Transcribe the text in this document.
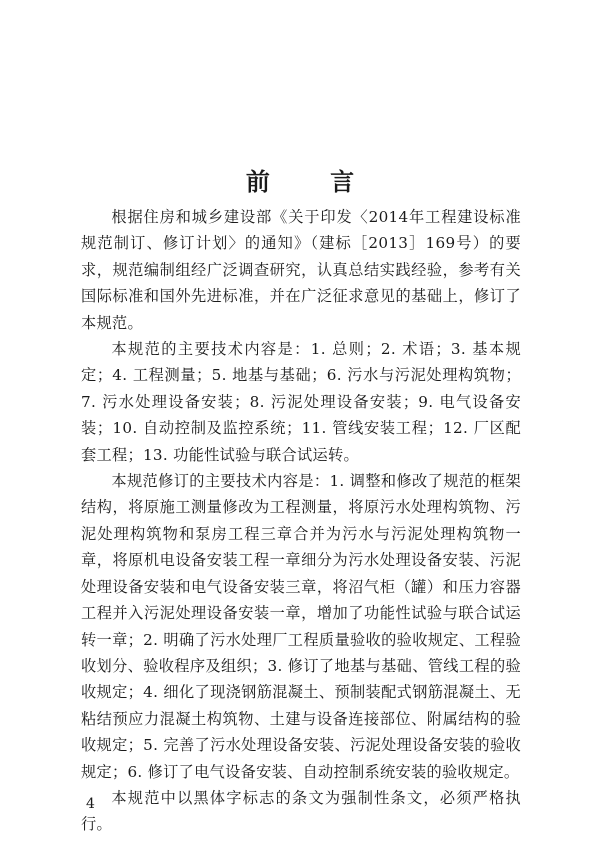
前 言

根据住房和城乡建设部《关于印发〈2014年工程建设标准规范制订、修订计划〉的通知》（建标［2013］169号）的要求，规范编制组经广泛调查研究，认真总结实践经验，参考有关国际标准和国外先进标准，并在广泛征求意见的基础上，修订了本规范。

本规范的主要技术内容是：1. 总则；2. 术语；3. 基本规定；4. 工程测量；5. 地基与基础；6. 污水与污泥处理构筑物；7. 污水处理设备安装；8. 污泥处理设备安装；9. 电气设备安装；10. 自动控制及监控系统；11. 管线安装工程；12. 厂区配套工程；13. 功能性试验与联合试运转。

本规范修订的主要技术内容是：1. 调整和修改了规范的框架结构，将原施工测量修改为工程测量，将原污水处理构筑物、污泥处理构筑物和泵房工程三章合并为污水与污泥处理构筑物一章，将原机电设备安装工程一章细分为污水处理设备安装、污泥处理设备安装和电气设备安装三章，将沼气柜（罐）和压力容器工程并入污泥处理设备安装一章，增加了功能性试验与联合试运转一章；2. 明确了污水处理厂工程质量验收的验收规定、工程验收划分、验收程序及组织；3. 修订了地基与基础、管线工程的验收规定；4. 细化了现浇钢筋混凝土、预制装配式钢筋混凝土、无粘结预应力混凝土构筑物、土建与设备连接部位、附属结构的验收规定；5. 完善了污水处理设备安装、污泥处理设备安装的验收规定；6. 修订了电气设备安装、自动控制系统安装的验收规定。

本规范中以黑体字标志的条文为强制性条文，必须严格执行。

4
